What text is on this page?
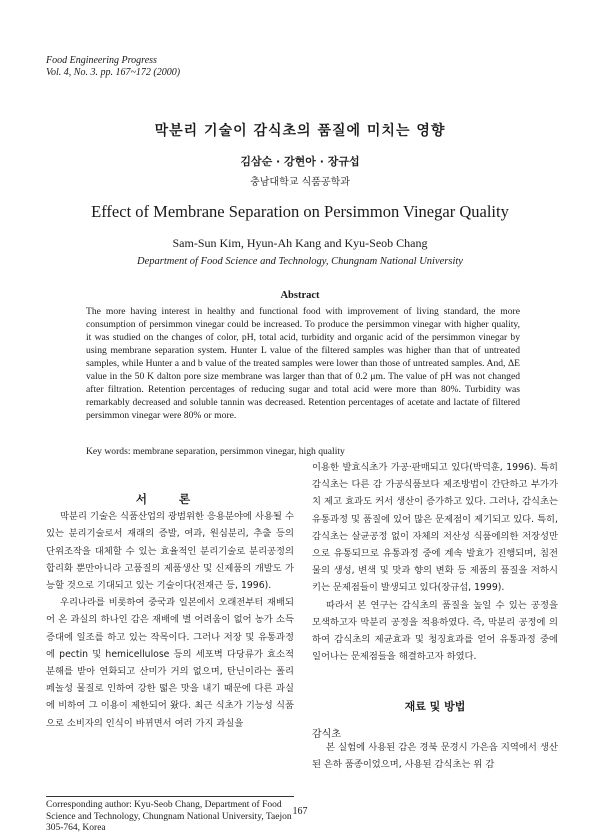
Food Engineering Progress
Vol. 4, No. 3. pp. 167~172 (2000)
막분리 기술이 감식초의 품질에 미치는 영향
김삼순 · 강현아 · 장규섭
충남대학교 식품공학과
Effect of Membrane Separation on Persimmon Vinegar Quality
Sam-Sun Kim, Hyun-Ah Kang and Kyu-Seob Chang
Department of Food Science and Technology, Chungnam National University
Abstract

The more having interest in healthy and functional food with improvement of living standard, the more consumption of persimmon vinegar could be increased. To produce the persimmon vinegar with higher quality, it was studied on the changes of color, pH, total acid, turbidity and organic acid of the persimmon vinegar by using membrane separation system. Hunter L value of the filtered samples was higher than that of untreated samples, while Hunter a and b value of the treated samples were lower than those of untreated samples. And, ΔE value in the 50 K dalton pore size membrane was larger than that of 0.2 μm. The value of pH was not changed after filtration. Retention percentages of reducing sugar and total acid were more than 80%. Turbidity was remarkably decreased and soluble tannin was decreased. Retention percentages of acetate and lactate of filtered persimmon vinegar were 80% or more.

Key words: membrane separation, persimmon vinegar, high quality

서 론

막분리 기술은 식품산업의 광범위한 응용분야에 사용될 수 있는 분리기술로서 재래의 증발, 여과, 원심분리, 추출 등의 단위조작을 대체할 수 있는 효율적인 분리기술로 분리공정의 합리화 뿐만아니라 고품질의 제품생산 및 신제품의 개발도 가능할 것으로 기대되고 있는 기술이다(전재근 등, 1996).

우리나라를 비롯하여 중국과 일본에서 오래전부터 재배되어 온 과실의 하나인 감은 재배에 별 어려움이 없어 농가 소득 증대에 일조를 하고 있는 작목이다. 그러나 저장 및 유통과정에 pectin 및 hemicellulose 등의 세포벽 다당류가 효소적 분해를 받아 연화되고 산미가 거의 없으며, 탄닌이라는 폴리페놀성 물질로 인하여 강한 떫은 맛을 내기 때문에 다른 과실에 비하여 그 이용이 제한되어 왔다. 최근 식초가 기능성 식품으로 소비자의 인식이 바뀌면서 여러 가지 과실을

이용한 발효식초가 가공·판매되고 있다(박덕훈, 1996). 특히 감식초는 다른 감 가공식품보다 제조방법이 간단하고 부가가치 제고 효과도 커서 생산이 증가하고 있다. 그러나, 감식초는 유통과정 및 품질에 있어 많은 문제점이 제기되고 있다. 특히, 감식초는 살균공정 없이 자체의 저산성 식품에의한 저장성만으로 유통되므로 유통과정 중에 계속 발효가 진행되며, 침전물의 생성, 변색 및 맛과 향의 변화 등 제품의 품질을 저하시키는 문제점들이 발생되고 있다(장규섭, 1999).

따라서 본 연구는 감식초의 품질을 높일 수 있는 공정을 모색하고자 막분리 공정을 적용하였다. 즉, 막분리 공정에 의하여 감식초의 제균효과 및 청징효과를 얻어 유통과정 중에 일어나는 문제점들을 해결하고자 하였다.

재료 및 방법
감식초

본 실험에 사용된 감은 경북 문경시 가은읍 지역에서 생산된 은하 품종이었으며, 사용된 감식초는 위 감

Corresponding author: Kyu-Seob Chang, Department of Food Science and Technology, Chungnam National University, Taejon 305-764, Korea

167
